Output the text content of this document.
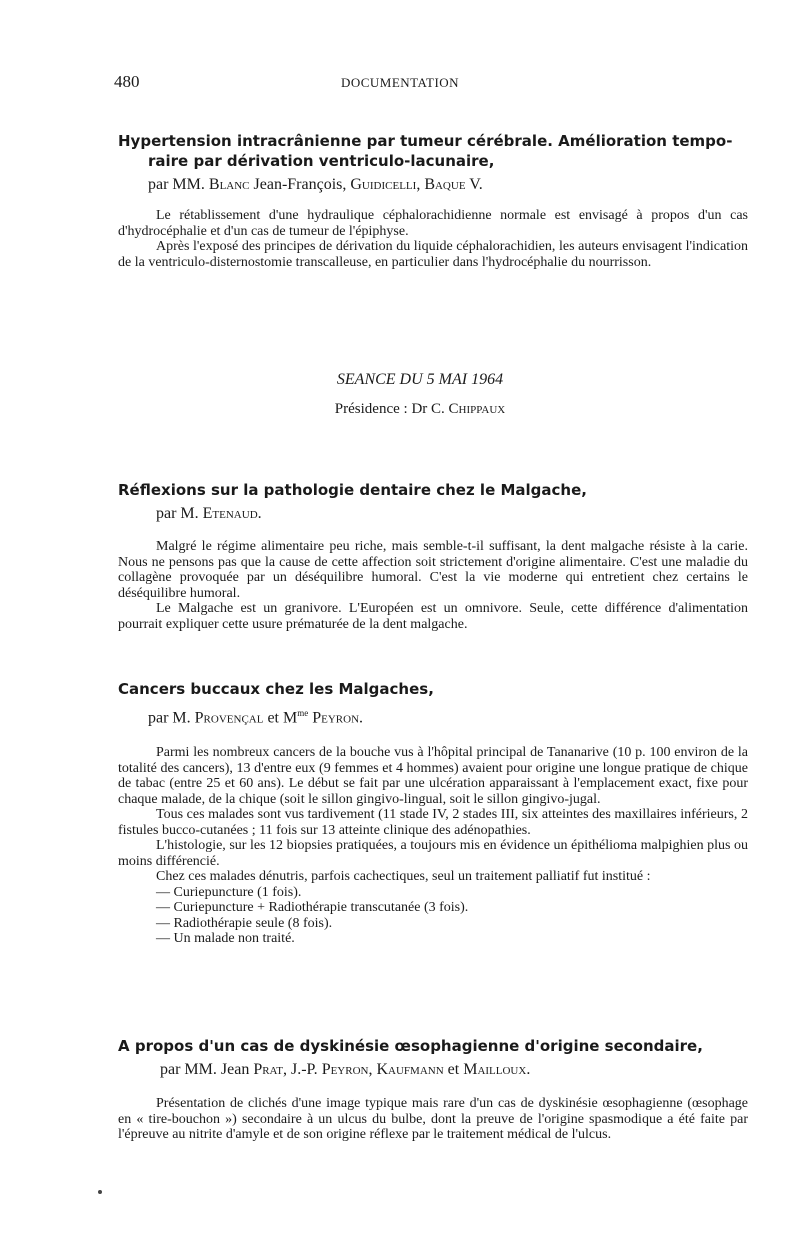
480	DOCUMENTATION
Hypertension intracrânienne par tumeur cérébrale. Amélioration tempo-
raire par dérivation ventriculo-lacunaire,
par MM. Blanc Jean-François, Guidicelli, Baque V.

Le rétablissement d'une hydraulique céphalorachidienne normale est envisagé à propos d'un cas d'hydrocéphalie et d'un cas de tumeur de l'épiphyse.

Après l'exposé des principes de dérivation du liquide céphalorachidien, les auteurs envisagent l'indication de la ventriculo-disternostomie transcalleuse, en particulier dans l'hydrocéphalie du nourrisson.

SEANCE DU 5 MAI 1964
Présidence : Dr C. Chippaux
Réflexions sur la pathologie dentaire chez le Malgache,
par M. Etenaud.

Malgré le régime alimentaire peu riche, mais semble-t-il suffisant, la dent malgache résiste à la carie. Nous ne pensons pas que la cause de cette affection soit strictement d'origine alimentaire. C'est une maladie du collagène provoquée par un déséquilibre humoral. C'est la vie moderne qui entretient chez certains le déséquilibre humoral.

Le Malgache est un granivore. L'Européen est un omnivore. Seule, cette différence d'alimentation pourrait expliquer cette usure prématurée de la dent malgache.

Cancers buccaux chez les Malgaches,
par M. Provençal et $M^{me}$ Peyron.

Parmi les nombreux cancers de la bouche vus à l'hôpital principal de Tananarive (10 p. 100 environ de la totalité des cancers), 13 d'entre eux (9 femmes et 4 hommes) avaient pour origine une longue pratique de chique de tabac (entre 25 et 60 ans). Le début se fait par une ulcération apparaissant à l'emplacement exact, fixe pour chaque malade, de la chique (soit le sillon gingivo-lingual, soit le sillon gingivo-jugal.

Tous ces malades sont vus tardivement (11 stade IV, 2 stades III, six atteintes des maxillaires inférieurs, 2 fistules bucco-cutanées ; 11 fois sur 13 atteinte clinique des adénopathies.

L'histologie, sur les 12 biopsies pratiquées, a toujours mis en évidence un épithélioma malpighien plus ou moins différencié.

Chez ces malades dénutris, parfois cachectiques, seul un traitement palliatif fut institué :

— Curiepuncture (1 fois).

— Curiepuncture + Radiothérapie transcutanée (3 fois).

— Radiothérapie seule (8 fois).

— Un malade non traité.

A propos d'un cas de dyskinésie œsophagienne d'origine secondaire,
par MM. Jean Prat, J.-P. Peyron, Kaufmann et Mailloux.

Présentation de clichés d'une image typique mais rare d'un cas de dyskinésie œsophagienne (œsophage en « tire-bouchon ») secondaire à un ulcus du bulbe, dont la preuve de l'origine spasmodique a été faite par l'épreuve au nitrite d'amyle et de son origine réflexe par le traitement médical de l'ulcus.
